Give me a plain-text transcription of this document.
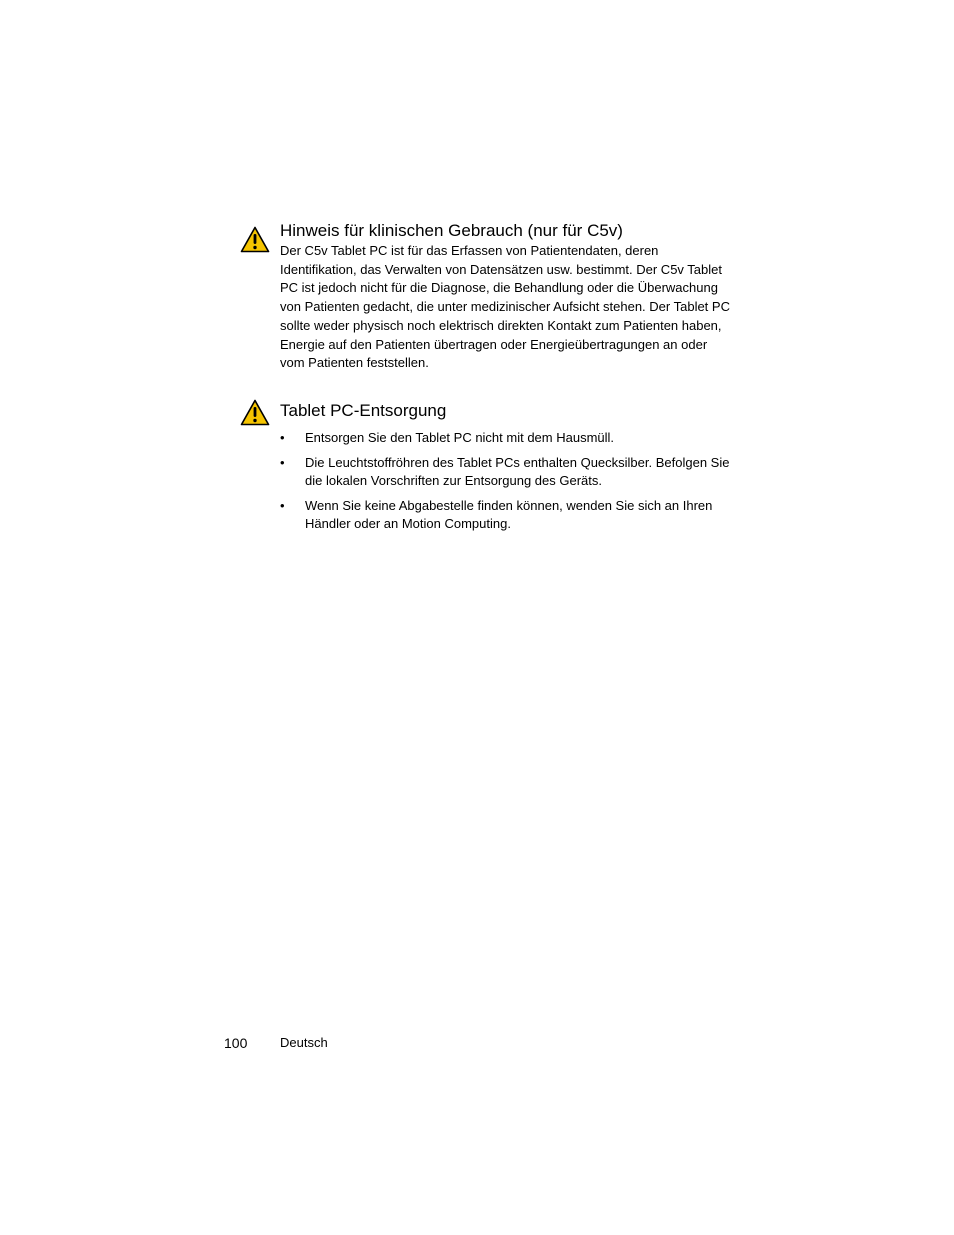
Hinweis für klinischen Gebrauch (nur für C5v)

Der C5v Tablet PC ist für das Erfassen von Patientendaten, deren Identifikation, das Verwalten von Datensätzen usw. bestimmt. Der C5v Tablet PC ist jedoch nicht für die Diagnose, die Behandlung oder die Überwachung von Patienten gedacht, die unter medizinischer Aufsicht stehen. Der Tablet PC sollte weder physisch noch elektrisch direkten Kontakt zum Patienten haben, Energie auf den Patienten übertragen oder Energieübertragungen an oder vom Patienten feststellen.

Tablet PC-Entsorgung
• Entsorgen Sie den Tablet PC nicht mit dem Hausmüll.
• Die Leuchtstoffröhren des Tablet PCs enthalten Quecksilber. Befolgen Sie die lokalen Vorschriften zur Entsorgung des Geräts.
• Wenn Sie keine Abgabestelle finden können, wenden Sie sich an Ihren Händler oder an Motion Computing.
100	Deutsch
